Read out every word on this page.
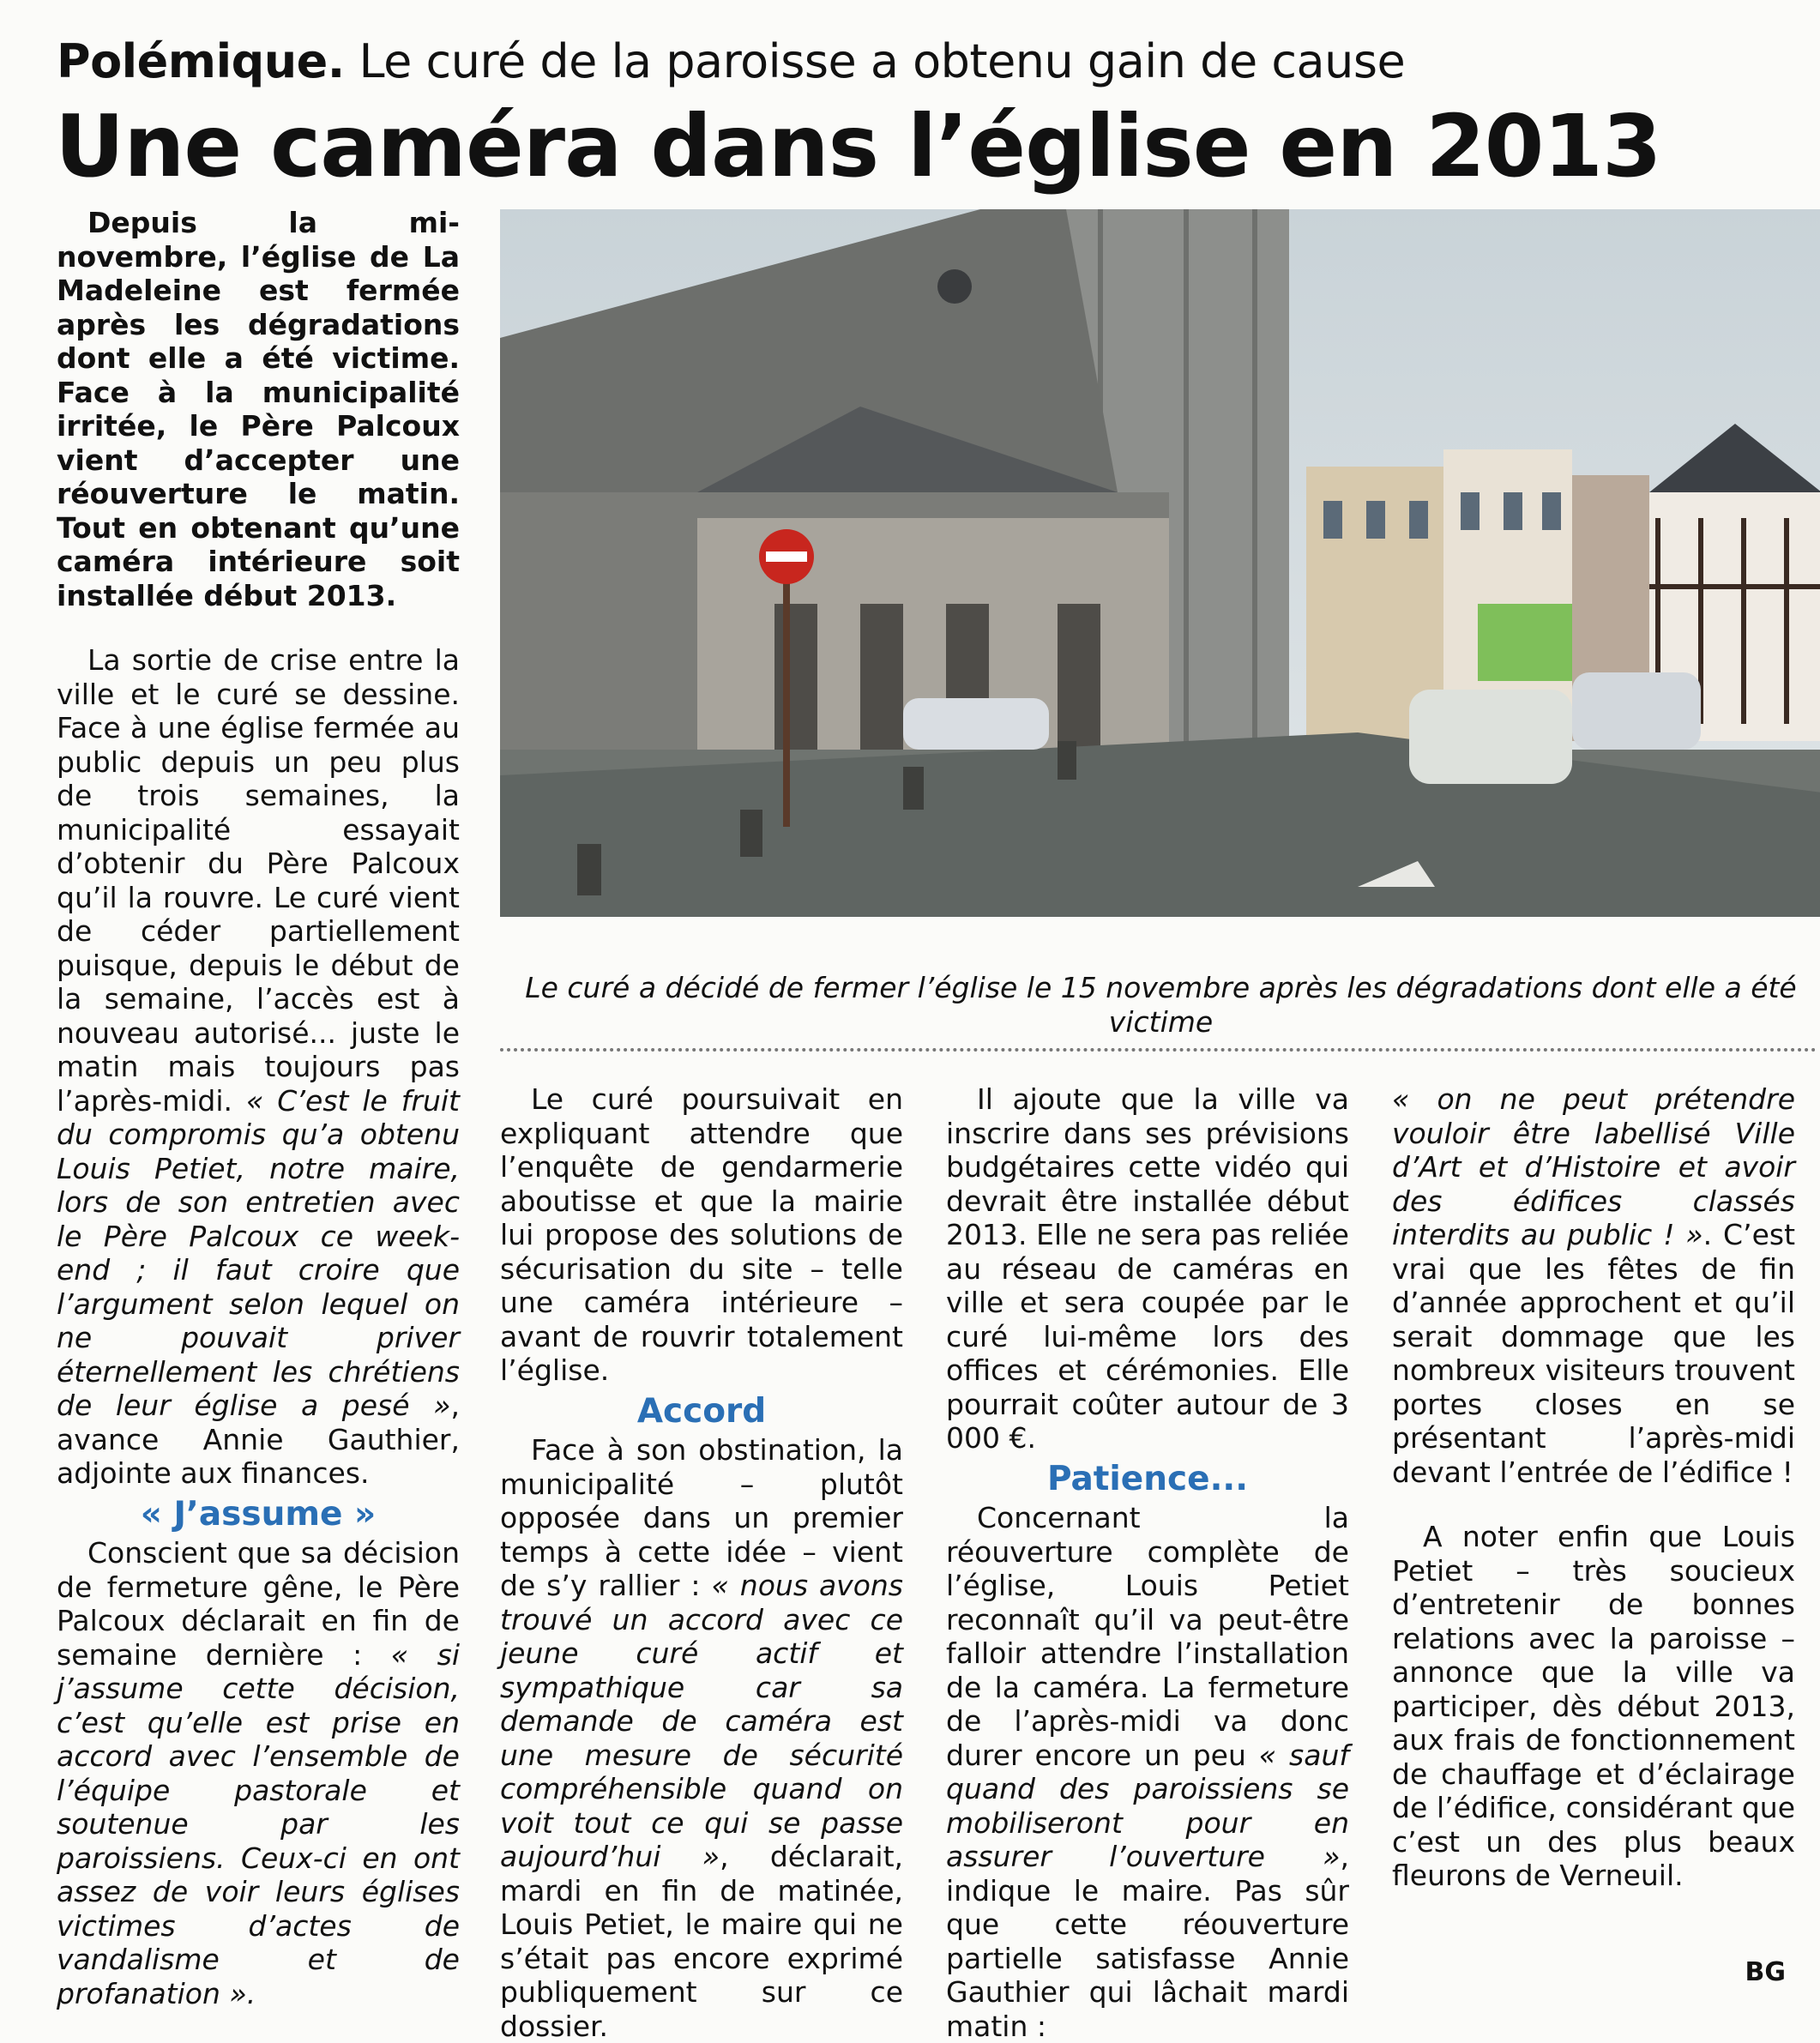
Polémique. Le curé de la paroisse a obtenu gain de cause
Une caméra dans l’église en 2013

Depuis la mi-novembre, l’église de La Madeleine est fermée après les dégradations dont elle a été victime. Face à la municipalité irritée, le Père Palcoux vient d’accepter une réouverture le matin. Tout en obtenant qu’une caméra intérieure soit installée début 2013.

La sortie de crise entre la ville et le curé se dessine. Face à une église fermée au public depuis un peu plus de trois semaines, la municipalité essayait d’obtenir du Père Palcoux qu’il la rouvre. Le curé vient de céder partiellement puisque, depuis le début de la semaine, l’accès est à nouveau autorisé... juste le matin mais toujours pas l’après-midi. « C’est le fruit du compromis qu’a obtenu Louis Petiet, notre maire, lors de son entretien avec le Père Palcoux ce week-end ; il faut croire que l’argument selon lequel on ne pouvait priver éternellement les chrétiens de leur église a pesé », avance Annie Gauthier, adjointe aux finances.

« J’assume »

Conscient que sa décision de fermeture gêne, le Père Palcoux déclarait en fin de semaine dernière : « si j’assume cette décision, c’est qu’elle est prise en accord avec l’ensemble de l’équipe pastorale et soutenue par les paroissiens. Ceux-ci en ont assez de voir leurs églises victimes d’actes de vandalisme et de profanation ».

Le curé a décidé de fermer l’église le 15 novembre après les dégradations dont elle a été victime

Le curé poursuivait en expliquant attendre que l’enquête de gendarmerie aboutisse et que la mairie lui propose des solutions de sécurisation du site – telle une caméra intérieure – avant de rouvrir totalement l’église.

Accord

Face à son obstination, la municipalité – plutôt opposée dans un premier temps à cette idée – vient de s’y rallier : « nous avons trouvé un accord avec ce jeune curé actif et sympathique car sa demande de caméra est une mesure de sécurité compréhensible quand on voit tout ce qui se passe aujourd’hui », déclarait, mardi en fin de matinée, Louis Petiet, le maire qui ne s’était pas encore exprimé publiquement sur ce dossier.

Il ajoute que la ville va inscrire dans ses prévisions budgétaires cette vidéo qui devrait être installée début 2013. Elle ne sera pas reliée au réseau de caméras en ville et sera coupée par le curé lui-même lors des offices et cérémonies. Elle pourrait coûter autour de 3 000 €.

Patience...

Concernant la réouverture complète de l’église, Louis Petiet reconnaît qu’il va peut-être falloir attendre l’installation de la caméra. La fermeture de l’après-midi va donc durer encore un peu « sauf quand des paroissiens se mobiliseront pour en assurer l’ouverture », indique le maire. Pas sûr que cette réouverture partielle satisfasse Annie Gauthier qui lâchait mardi matin :

« on ne peut prétendre vouloir être labellisé Ville d’Art et d’Histoire et avoir des édifices classés interdits au public ! ». C’est vrai que les fêtes de fin d’année approchent et qu’il serait dommage que les nombreux visiteurs trouvent portes closes en se présentant l’après-midi devant l’entrée de l’édifice !

A noter enfin que Louis Petiet – très soucieux d’entretenir de bonnes relations avec la paroisse – annonce que la ville va participer, dès début 2013, aux frais de fonctionnement de chauffage et d’éclairage de l’édifice, considérant que c’est un des plus beaux fleurons de Verneuil.

BG
